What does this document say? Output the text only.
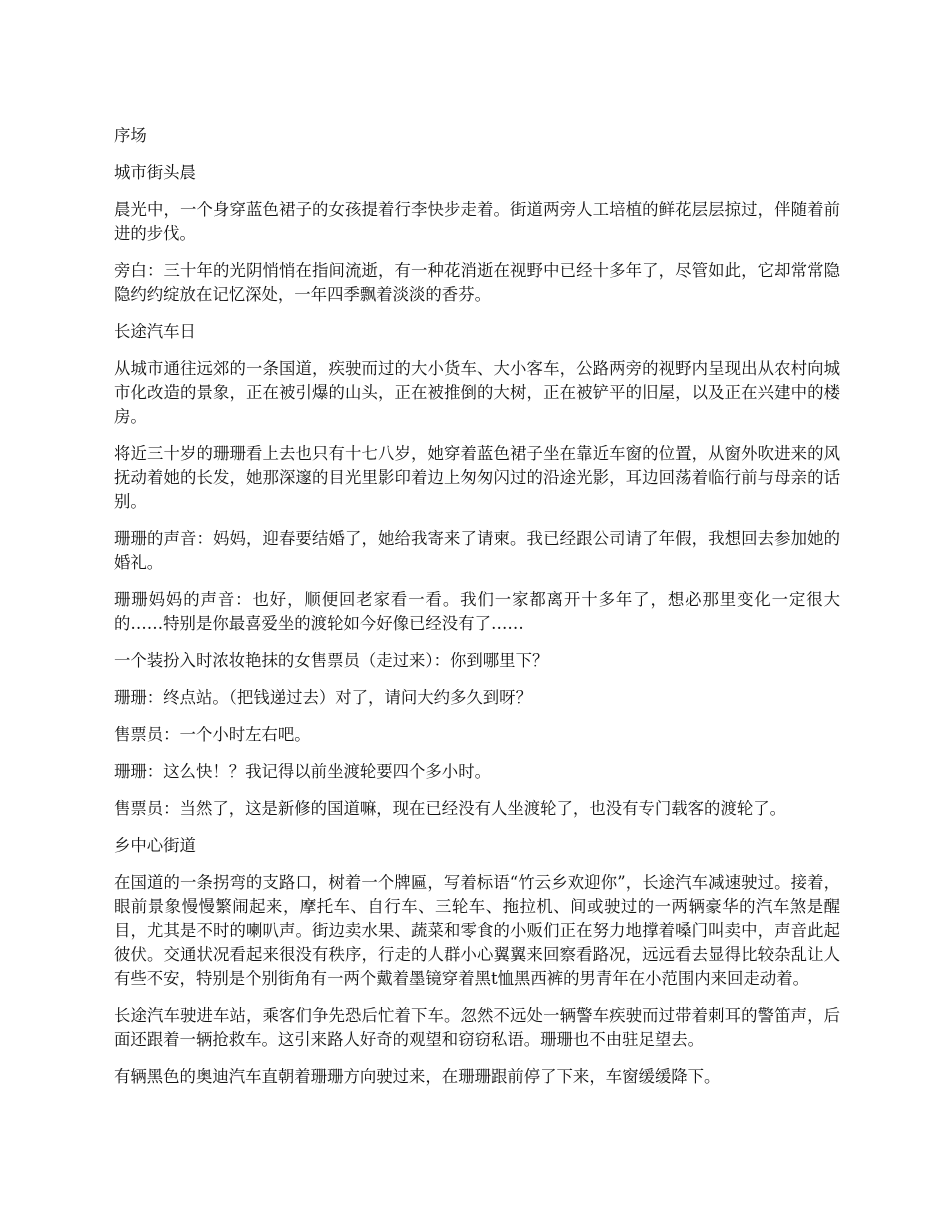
序场

城市街头晨

晨光中，一个身穿蓝色裙子的女孩提着行李快步走着。街道两旁人工培植的鲜花层层掠过，伴随着前进的步伐。

旁白：三十年的光阴悄悄在指间流逝，有一种花消逝在视野中已经十多年了，尽管如此，它却常常隐隐约约绽放在记忆深处，一年四季飘着淡淡的香芬。

长途汽车日

从城市通往远郊的一条国道，疾驶而过的大小货车、大小客车，公路两旁的视野内呈现出从农村向城市化改造的景象，正在被引爆的山头，正在被推倒的大树，正在被铲平的旧屋，以及正在兴建中的楼房。

将近三十岁的珊珊看上去也只有十七八岁，她穿着蓝色裙子坐在靠近车窗的位置，从窗外吹进来的风抚动着她的长发，她那深邃的目光里影印着边上匆匆闪过的沿途光影，耳边回荡着临行前与母亲的话别。

珊珊的声音：妈妈，迎春要结婚了，她给我寄来了请柬。我已经跟公司请了年假，我想回去参加她的婚礼。

珊珊妈妈的声音：也好，顺便回老家看一看。我们一家都离开十多年了，想必那里变化一定很大的……特别是你最喜爱坐的渡轮如今好像已经没有了……

一个装扮入时浓妆艳抹的女售票员（走过来）：你到哪里下？

珊珊：终点站。（把钱递过去）对了，请问大约多久到呀？

售票员：一个小时左右吧。

珊珊：这么快！？我记得以前坐渡轮要四个多小时。

售票员：当然了，这是新修的国道嘛，现在已经没有人坐渡轮了，也没有专门载客的渡轮了。

乡中心街道

在国道的一条拐弯的支路口，树着一个牌匾，写着标语“竹云乡欢迎你”，长途汽车减速驶过。接着，眼前景象慢慢繁闹起来，摩托车、自行车、三轮车、拖拉机、间或驶过的一两辆豪华的汽车煞是醒目，尤其是不时的喇叭声。街边卖水果、蔬菜和零食的小贩们正在努力地撑着嗓门叫卖中，声音此起彼伏。交通状况看起来很没有秩序，行走的人群小心翼翼来回察看路况，远远看去显得比较杂乱让人有些不安，特别是个别街角有一两个戴着墨镜穿着黑t恤黑西裤的男青年在小范围内来回走动着。

长途汽车驶进车站，乘客们争先恐后忙着下车。忽然不远处一辆警车疾驶而过带着刺耳的警笛声，后面还跟着一辆抢救车。这引来路人好奇的观望和窃窃私语。珊珊也不由驻足望去。

有辆黑色的奥迪汽车直朝着珊珊方向驶过来，在珊珊跟前停了下来，车窗缓缓降下。
